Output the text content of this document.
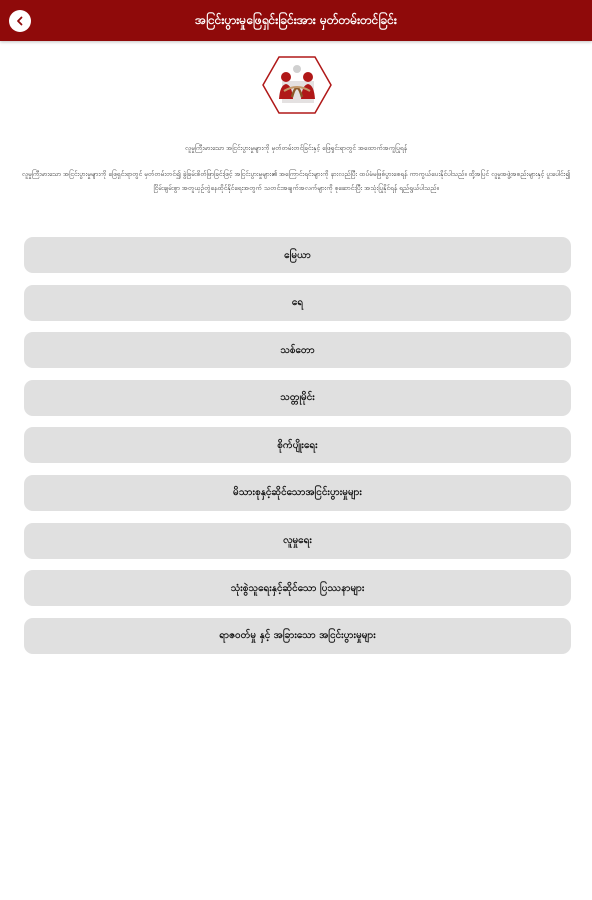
အငြင်းပွားမှုဖြေရှင်းခြင်းအား မှတ်တမ်းတင်ခြင်း

လူမှုကြီးမားသော အငြင်းပွားမှုများကို မှတ်တမ်းတင်ခြင်းနှင့် ဖြေရှင်းရာတွင် အထောက်အကူပြုရန်

လူမှုကြီးမားသော အငြင်းပွားမှုများကို ဖြေရှင်းရာတွင် မှတ်တမ်းတင်၍ ခွဲခြမ်းစိတ်ဖြာခြင်းဖြင့် အငြင်းပွားမှုများ၏ အကြောင်းရင်းများကို နားလည်ပြီး ထပ်မံမဖြစ်ပွားစေရန် ကာကွယ်ပေးနိုင်ပါသည်။ ထို့အပြင် လူမှုအဖွဲ့အစည်းများနှင့် ပူးပေါင်း၍ ငြိမ်းချမ်းစွာ အတူယှဉ်တွဲနေထိုင်နိုင်ရေးအတွက် သတင်းအချက်အလက်များကို စုဆောင်းပြီး အသုံးပြုနိုင်ရန် ရည်ရွယ်ပါသည်။
မြေယာ
ရေ
သစ်တော
သတ္တုမိုင်း
စိုက်ပျိုးရေး
မိသားစုနှင့်ဆိုင်သောအငြင်းပွားမှုများ
လူမှုရေး
သုံးစွဲသူရေးနှင့်ဆိုင်သော ပြဿနာများ
ရာဇဝတ်မှု နှင့် အခြားသော အငြင်းပွားမှုများ
